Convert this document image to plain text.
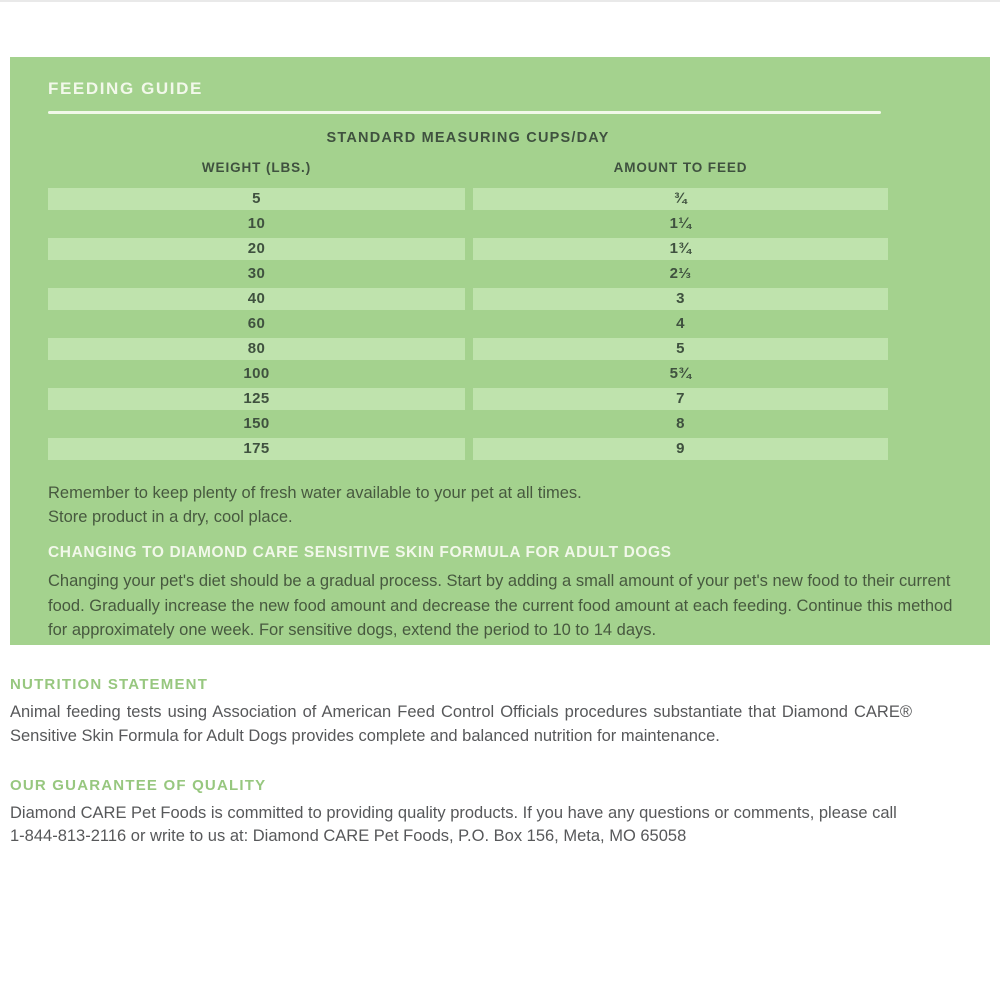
FEEDING GUIDE
STANDARD MEASURING CUPS/DAY
WEIGHT (LBS.)	AMOUNT TO FEED
5	¾
10	1¼
20	1¾
30	2⅓
40	3
60	4
80	5
100	5¾
125	7
150	8
175	9

Remember to keep plenty of fresh water available to your pet at all times.

Store product in a dry, cool place.

CHANGING TO DIAMOND CARE SENSITIVE SKIN FORMULA FOR ADULT DOGS
Changing your pet's diet should be a gradual process. Start by adding a small amount of your pet's new food to their current food. Gradually increase the new food amount and decrease the current food amount at each feeding. Continue this method for approximately one week. For sensitive dogs, extend the period to 10 to 14 days.
NUTRITION STATEMENT
Animal feeding tests using Association of American Feed Control Officials procedures substantiate that Diamond CARE® Sensitive Skin Formula for Adult Dogs provides complete and balanced nutrition for maintenance.
OUR GUARANTEE OF QUALITY
Diamond CARE Pet Foods is committed to providing quality products. If you have any questions or comments, please call 1-844-813-2116 or write to us at: Diamond CARE Pet Foods, P.O. Box 156, Meta, MO 65058
